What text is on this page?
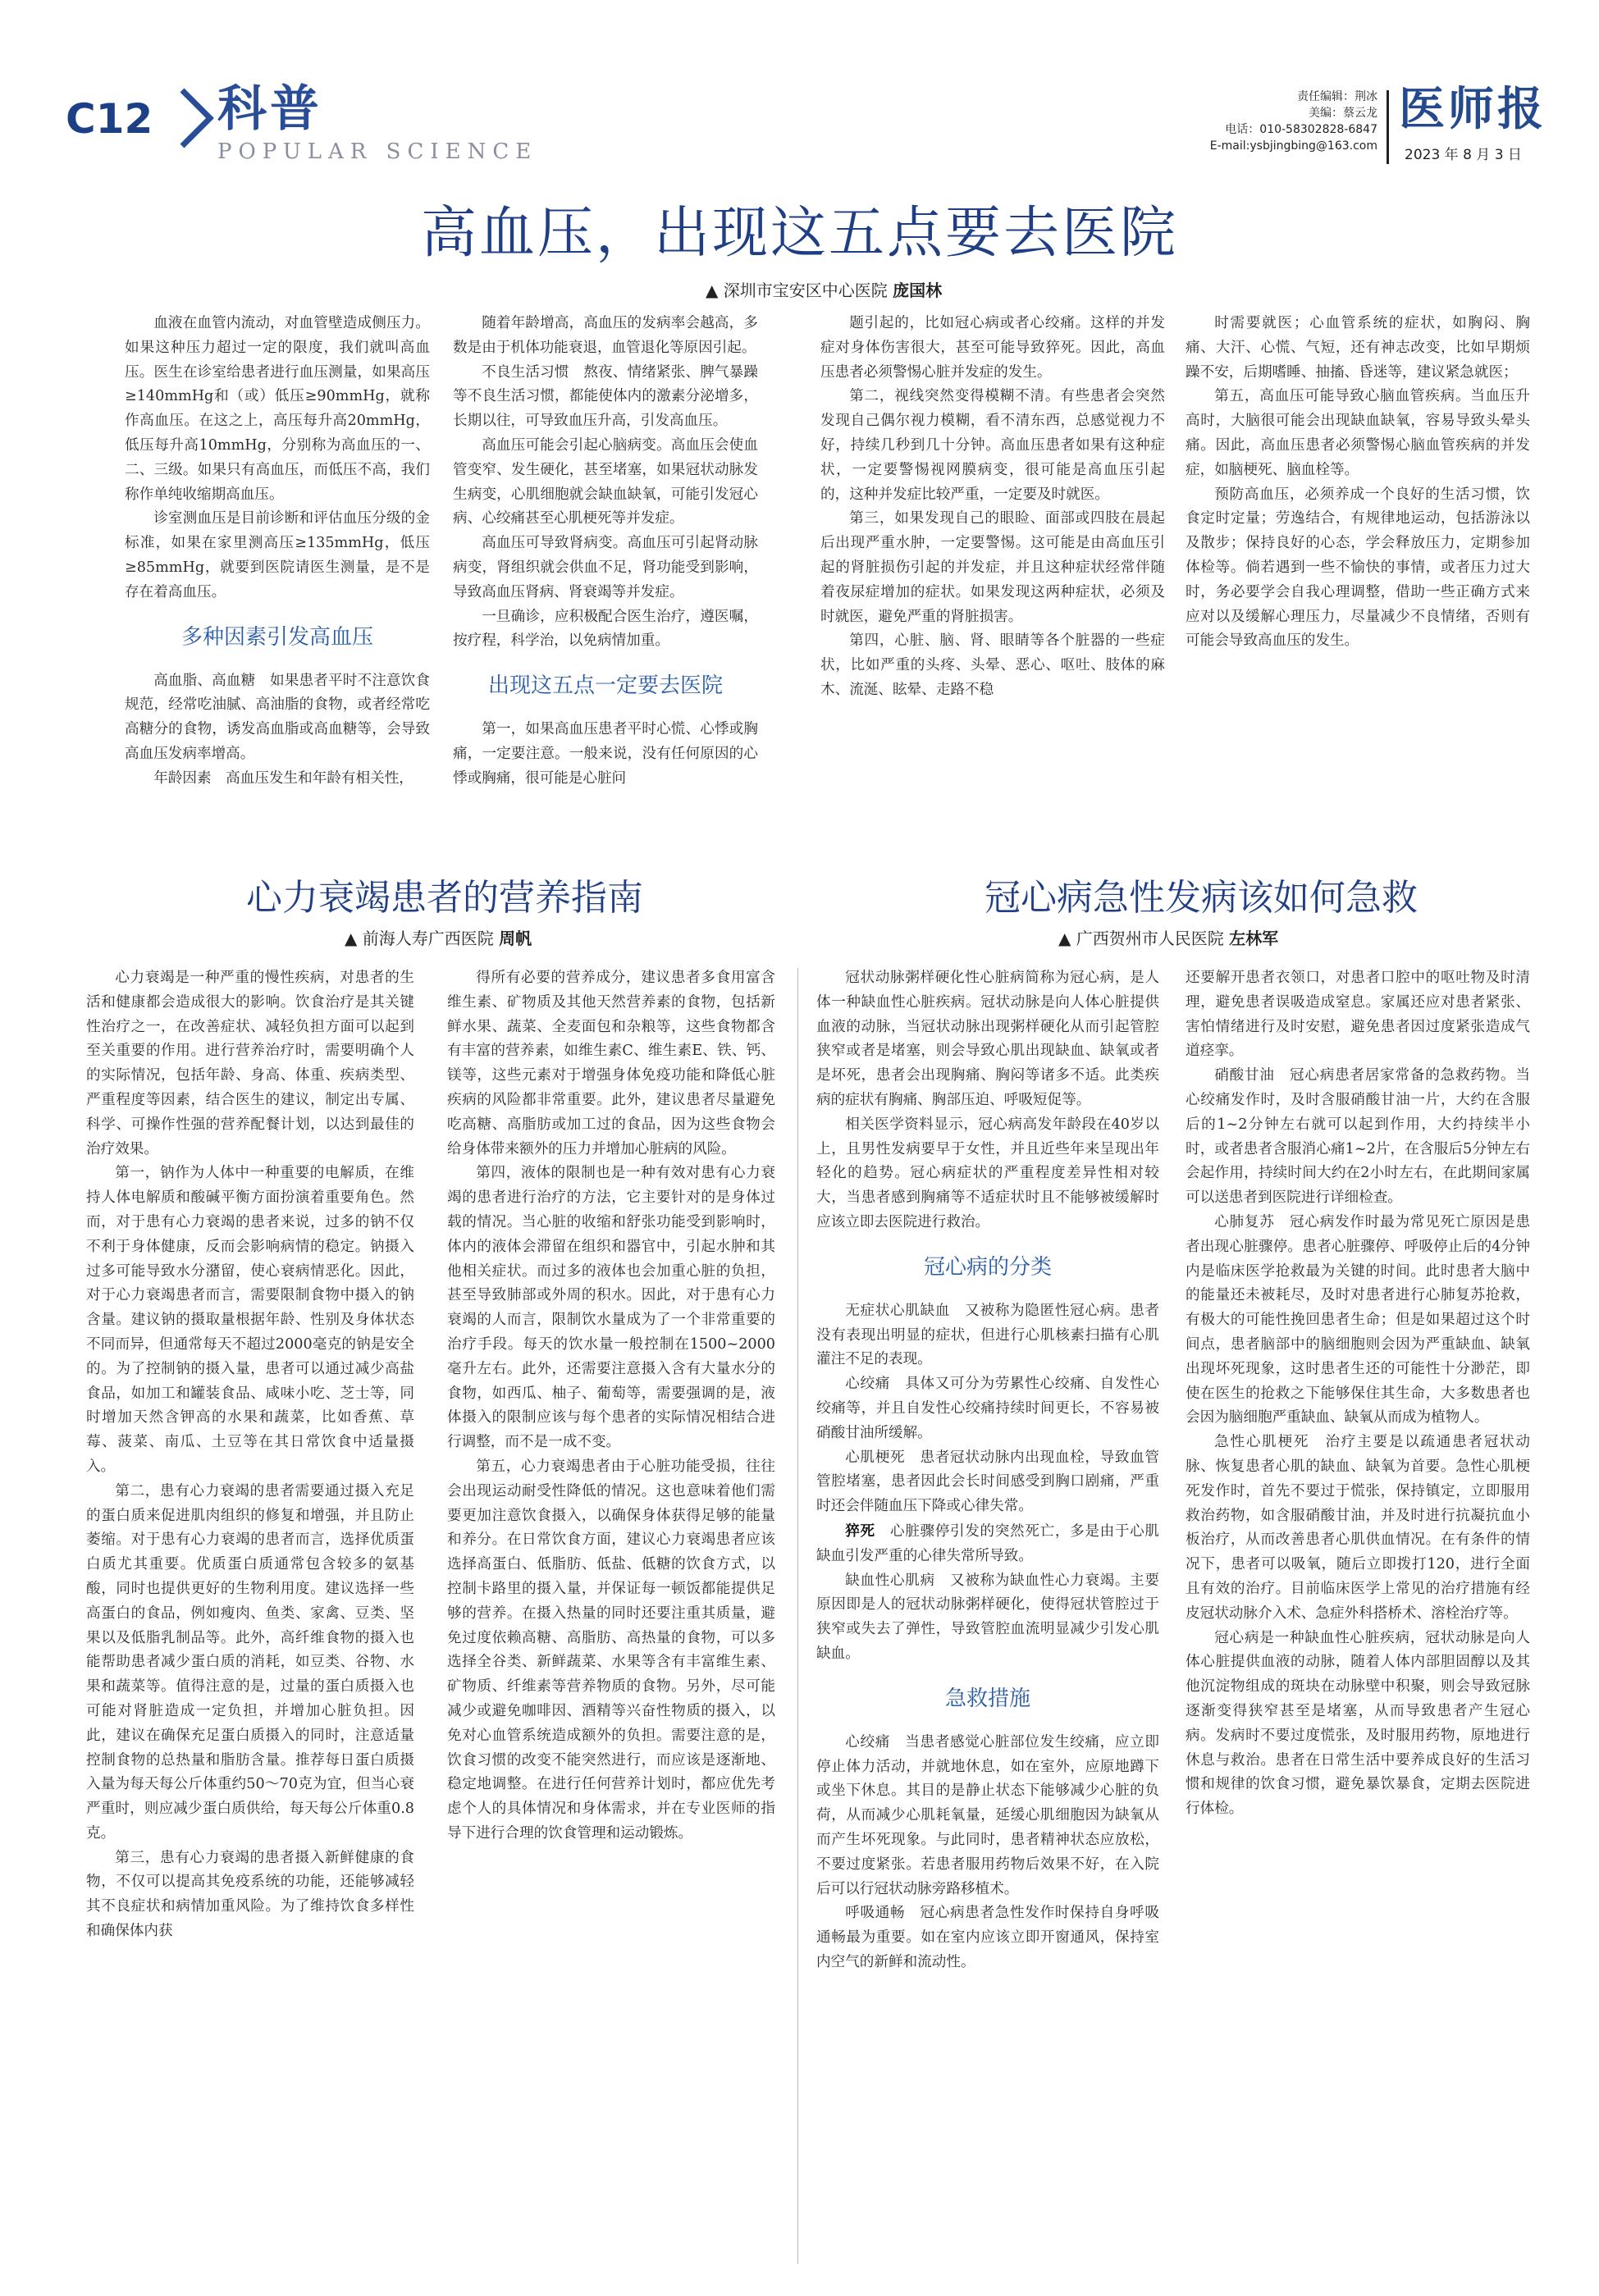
C12 科普
POPULAR SCIENCE
责任编辑：荆冰
美编：蔡云龙
电话：010-58302828-6847
E-mail:ysbjingbing@163.com
医师报
2023 年 8 月 3 日
高血压，出现这五点要去医院
▲ 深圳市宝安区中心医院 庞国林

血液在血管内流动，对血管壁造成侧压力。如果这种压力超过一定的限度，我们就叫高血压。医生在诊室给患者进行血压测量，如果高压≥140mmHg和（或）低压≥90mmHg，就称作高血压。在这之上，高压每升高20mmHg，低压每升高10mmHg，分别称为高血压的一、二、三级。如果只有高血压，而低压不高，我们称作单纯收缩期高血压。

诊室测血压是目前诊断和评估血压分级的金标准，如果在家里测高压≥135mmHg，低压≥85mmHg，就要到医院请医生测量，是不是存在着高血压。

多种因素引发高血压

高血脂、高血糖　如果患者平时不注意饮食规范，经常吃油腻、高油脂的食物，或者经常吃高糖分的食物，诱发高血脂或高血糖等，会导致高血压发病率增高。

年龄因素　高血压发生和年龄有相关性，

随着年龄增高，高血压的发病率会越高，多数是由于机体功能衰退，血管退化等原因引起。

不良生活习惯　熬夜、情绪紧张、脾气暴躁等不良生活习惯，都能使体内的激素分泌增多，长期以往，可导致血压升高，引发高血压。

高血压可能会引起心脑病变。高血压会使血管变窄、发生硬化，甚至堵塞，如果冠状动脉发生病变，心肌细胞就会缺血缺氧，可能引发冠心病、心绞痛甚至心肌梗死等并发症。

高血压可导致肾病变。高血压可引起肾动脉病变，肾组织就会供血不足，肾功能受到影响，导致高血压肾病、肾衰竭等并发症。

一旦确诊，应积极配合医生治疗，遵医嘱，按疗程，科学治，以免病情加重。

出现这五点一定要去医院

第一，如果高血压患者平时心慌、心悸或胸痛，一定要注意。一般来说，没有任何原因的心悸或胸痛，很可能是心脏问

题引起的，比如冠心病或者心绞痛。这样的并发症对身体伤害很大，甚至可能导致猝死。因此，高血压患者必须警惕心脏并发症的发生。

第二，视线突然变得模糊不清。有些患者会突然发现自己偶尔视力模糊，看不清东西，总感觉视力不好，持续几秒到几十分钟。高血压患者如果有这种症状，一定要警惕视网膜病变，很可能是高血压引起的，这种并发症比较严重，一定要及时就医。

第三，如果发现自己的眼睑、面部或四肢在晨起后出现严重水肿，一定要警惕。这可能是由高血压引起的肾脏损伤引起的并发症，并且这种症状经常伴随着夜尿症增加的症状。如果发现这两种症状，必须及时就医，避免严重的肾脏损害。

第四，心脏、脑、肾、眼睛等各个脏器的一些症状，比如严重的头疼、头晕、恶心、呕吐、肢体的麻木、流涎、眩晕、走路不稳

时需要就医；心血管系统的症状，如胸闷、胸痛、大汗、心慌、气短，还有神志改变，比如早期烦躁不安，后期嗜睡、抽搐、昏迷等，建议紧急就医；

第五，高血压可能导致心脑血管疾病。当血压升高时，大脑很可能会出现缺血缺氧，容易导致头晕头痛。因此，高血压患者必须警惕心脑血管疾病的并发症，如脑梗死、脑血栓等。

预防高血压，必须养成一个良好的生活习惯，饮食定时定量；劳逸结合，有规律地运动，包括游泳以及散步；保持良好的心态，学会释放压力，定期参加体检等。倘若遇到一些不愉快的事情，或者压力过大时，务必要学会自我心理调整，借助一些正确方式来应对以及缓解心理压力，尽量减少不良情绪，否则有可能会导致高血压的发生。

心力衰竭患者的营养指南
▲ 前海人寿广西医院 周帆

心力衰竭是一种严重的慢性疾病，对患者的生活和健康都会造成很大的影响。饮食治疗是其关键性治疗之一，在改善症状、减轻负担方面可以起到至关重要的作用。进行营养治疗时，需要明确个人的实际情况，包括年龄、身高、体重、疾病类型、严重程度等因素，结合医生的建议，制定出专属、科学、可操作性强的营养配餐计划，以达到最佳的治疗效果。

第一，钠作为人体中一种重要的电解质，在维持人体电解质和酸碱平衡方面扮演着重要角色。然而，对于患有心力衰竭的患者来说，过多的钠不仅不利于身体健康，反而会影响病情的稳定。钠摄入过多可能导致水分潴留，使心衰病情恶化。因此，对于心力衰竭患者而言，需要限制食物中摄入的钠含量。建议钠的摄取量根据年龄、性别及身体状态不同而异，但通常每天不超过2000毫克的钠是安全的。为了控制钠的摄入量，患者可以通过减少高盐食品，如加工和罐装食品、咸味小吃、芝士等，同时增加天然含钾高的水果和蔬菜，比如香蕉、草莓、菠菜、南瓜、土豆等在其日常饮食中适量摄入。

第二，患有心力衰竭的患者需要通过摄入充足的蛋白质来促进肌肉组织的修复和增强，并且防止萎缩。对于患有心力衰竭的患者而言，选择优质蛋白质尤其重要。优质蛋白质通常包含较多的氨基酸，同时也提供更好的生物利用度。建议选择一些高蛋白的食品，例如瘦肉、鱼类、家禽、豆类、坚果以及低脂乳制品等。此外，高纤维食物的摄入也能帮助患者减少蛋白质的消耗，如豆类、谷物、水果和蔬菜等。值得注意的是，过量的蛋白质摄入也可能对肾脏造成一定负担，并增加心脏负担。因此，建议在确保充足蛋白质摄入的同时，注意适量控制食物的总热量和脂肪含量。推荐每日蛋白质摄入量为每天每公斤体重约50～70克为宜，但当心衰严重时，则应减少蛋白质供给，每天每公斤体重0.8克。

第三，患有心力衰竭的患者摄入新鲜健康的食物，不仅可以提高其免疫系统的功能，还能够减轻其不良症状和病情加重风险。为了维持饮食多样性和确保体内获

得所有必要的营养成分，建议患者多食用富含维生素、矿物质及其他天然营养素的食物，包括新鲜水果、蔬菜、全麦面包和杂粮等，这些食物都含有丰富的营养素，如维生素C、维生素E、铁、钙、镁等，这些元素对于增强身体免疫功能和降低心脏疾病的风险都非常重要。此外，建议患者尽量避免吃高糖、高脂肪或加工过的食品，因为这些食物会给身体带来额外的压力并增加心脏病的风险。

第四，液体的限制也是一种有效对患有心力衰竭的患者进行治疗的方法，它主要针对的是身体过载的情况。当心脏的收缩和舒张功能受到影响时，体内的液体会滞留在组织和器官中，引起水肿和其他相关症状。而过多的液体也会加重心脏的负担，甚至导致肺部或外周的积水。因此，对于患有心力衰竭的人而言，限制饮水量成为了一个非常重要的治疗手段。每天的饮水量一般控制在1500~2000毫升左右。此外，还需要注意摄入含有大量水分的食物，如西瓜、柚子、葡萄等，需要强调的是，液体摄入的限制应该与每个患者的实际情况相结合进行调整，而不是一成不变。

第五，心力衰竭患者由于心脏功能受损，往往会出现运动耐受性降低的情况。这也意味着他们需要更加注意饮食摄入，以确保身体获得足够的能量和养分。在日常饮食方面，建议心力衰竭患者应该选择高蛋白、低脂肪、低盐、低糖的饮食方式，以控制卡路里的摄入量，并保证每一顿饭都能提供足够的营养。在摄入热量的同时还要注重其质量，避免过度依赖高糖、高脂肪、高热量的食物，可以多选择全谷类、新鲜蔬菜、水果等含有丰富维生素、矿物质、纤维素等营养物质的食物。另外，尽可能减少或避免咖啡因、酒精等兴奋性物质的摄入，以免对心血管系统造成额外的负担。需要注意的是，饮食习惯的改变不能突然进行，而应该是逐渐地、稳定地调整。在进行任何营养计划时，都应优先考虑个人的具体情况和身体需求，并在专业医师的指导下进行合理的饮食管理和运动锻炼。

冠心病急性发病该如何急救
▲ 广西贺州市人民医院 左林军

冠状动脉粥样硬化性心脏病简称为冠心病，是人体一种缺血性心脏疾病。冠状动脉是向人体心脏提供血液的动脉，当冠状动脉出现粥样硬化从而引起管腔狭窄或者是堵塞，则会导致心肌出现缺血、缺氧或者是坏死，患者会出现胸痛、胸闷等诸多不适。此类疾病的症状有胸痛、胸部压迫、呼吸短促等。

相关医学资料显示，冠心病高发年龄段在40岁以上，且男性发病要早于女性，并且近些年来呈现出年轻化的趋势。冠心病症状的严重程度差异性相对较大，当患者感到胸痛等不适症状时且不能够被缓解时应该立即去医院进行救治。

冠心病的分类

无症状心肌缺血　又被称为隐匿性冠心病。患者没有表现出明显的症状，但进行心肌核素扫描有心肌灌注不足的表现。

心绞痛　具体又可分为劳累性心绞痛、自发性心绞痛等，并且自发性心绞痛持续时间更长，不容易被硝酸甘油所缓解。

心肌梗死　患者冠状动脉内出现血栓，导致血管管腔堵塞，患者因此会长时间感受到胸口剧痛，严重时还会伴随血压下降或心律失常。

猝死　心脏骤停引发的突然死亡，多是由于心肌缺血引发严重的心律失常所导致。

缺血性心肌病　又被称为缺血性心力衰竭。主要原因即是人的冠状动脉粥样硬化，使得冠状管腔过于狭窄或失去了弹性，导致管腔血流明显减少引发心肌缺血。

急救措施

心绞痛　当患者感觉心脏部位发生绞痛，应立即停止体力活动，并就地休息，如在室外，应原地蹲下或坐下休息。其目的是静止状态下能够减少心脏的负荷，从而减少心肌耗氧量，延缓心肌细胞因为缺氧从而产生坏死现象。与此同时，患者精神状态应放松，不要过度紧张。若患者服用药物后效果不好，在入院后可以行冠状动脉旁路移植术。

呼吸通畅　冠心病患者急性发作时保持自身呼吸通畅最为重要。如在室内应该立即开窗通风，保持室内空气的新鲜和流动性。

还要解开患者衣领口，对患者口腔中的呕吐物及时清理，避免患者误吸造成窒息。家属还应对患者紧张、害怕情绪进行及时安慰，避免患者因过度紧张造成气道痉挛。

硝酸甘油　冠心病患者居家常备的急救药物。当心绞痛发作时，及时含服硝酸甘油一片，大约在含服后的1~2分钟左右就可以起到作用，大约持续半小时，或者患者含服消心痛1~2片，在含服后5分钟左右会起作用，持续时间大约在2小时左右，在此期间家属可以送患者到医院进行详细检查。

心肺复苏　冠心病发作时最为常见死亡原因是患者出现心脏骤停。患者心脏骤停、呼吸停止后的4分钟内是临床医学抢救最为关键的时间。此时患者大脑中的能量还未被耗尽，及时对患者进行心肺复苏抢救，有极大的可能性挽回患者生命；但是如果超过这个时间点，患者脑部中的脑细胞则会因为严重缺血、缺氧出现坏死现象，这时患者生还的可能性十分渺茫，即使在医生的抢救之下能够保住其生命，大多数患者也会因为脑细胞严重缺血、缺氧从而成为植物人。

急性心肌梗死　治疗主要是以疏通患者冠状动脉、恢复患者心肌的缺血、缺氧为首要。急性心肌梗死发作时，首先不要过于慌张，保持镇定，立即服用救治药物，如含服硝酸甘油，并及时进行抗凝抗血小板治疗，从而改善患者心肌供血情况。在有条件的情况下，患者可以吸氧，随后立即拨打120，进行全面且有效的治疗。目前临床医学上常见的治疗措施有经皮冠状动脉介入术、急症外科搭桥术、溶栓治疗等。

冠心病是一种缺血性心脏疾病，冠状动脉是向人体心脏提供血液的动脉，随着人体内部胆固醇以及其他沉淀物组成的斑块在动脉壁中积聚，则会导致冠脉逐渐变得狭窄甚至是堵塞，从而导致患者产生冠心病。发病时不要过度慌张，及时服用药物，原地进行休息与救治。患者在日常生活中要养成良好的生活习惯和规律的饮食习惯，避免暴饮暴食，定期去医院进行体检。
